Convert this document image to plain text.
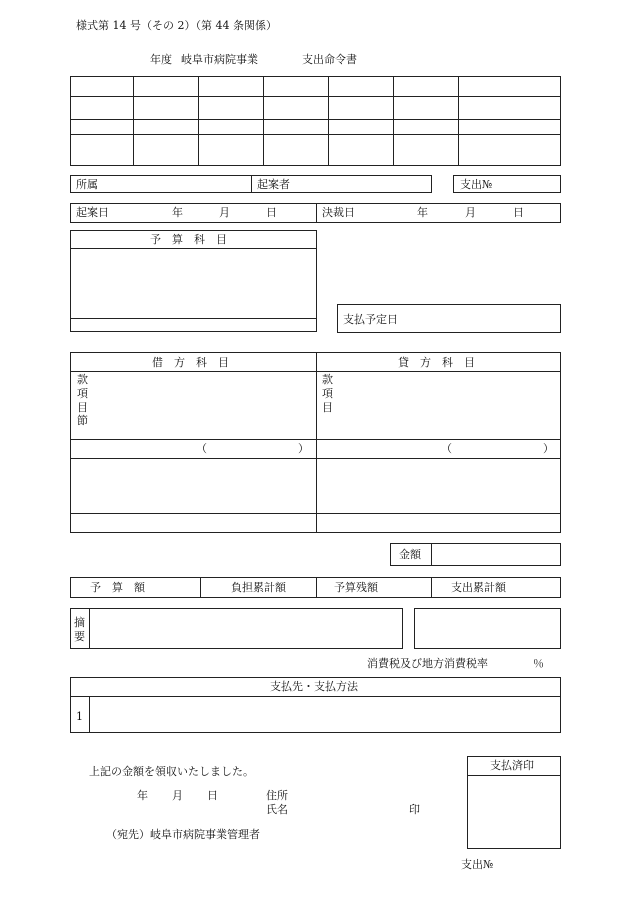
様式第 14 号（その 2）（第 44 条関係）
年度 岐阜市病院事業	支出命令書

所属	起案者	支出№
起案日	年	月	日	決裁日	年	月	日
予　算　科　目
支払予定日
借　方　科　目	貸　方　科　目
款
項
目
節
款
項
目
（	）	（	）
金額
予　算　額	負担累計額	予算残額	支出累計額
摘
要
消費税及び地方消費税率	％
支払先・支払方法
1
上記の金額を領収いたしました。
年 月 日	住所
氏名	印
（宛先）岐阜市病院事業管理者
支払済印
支出№
